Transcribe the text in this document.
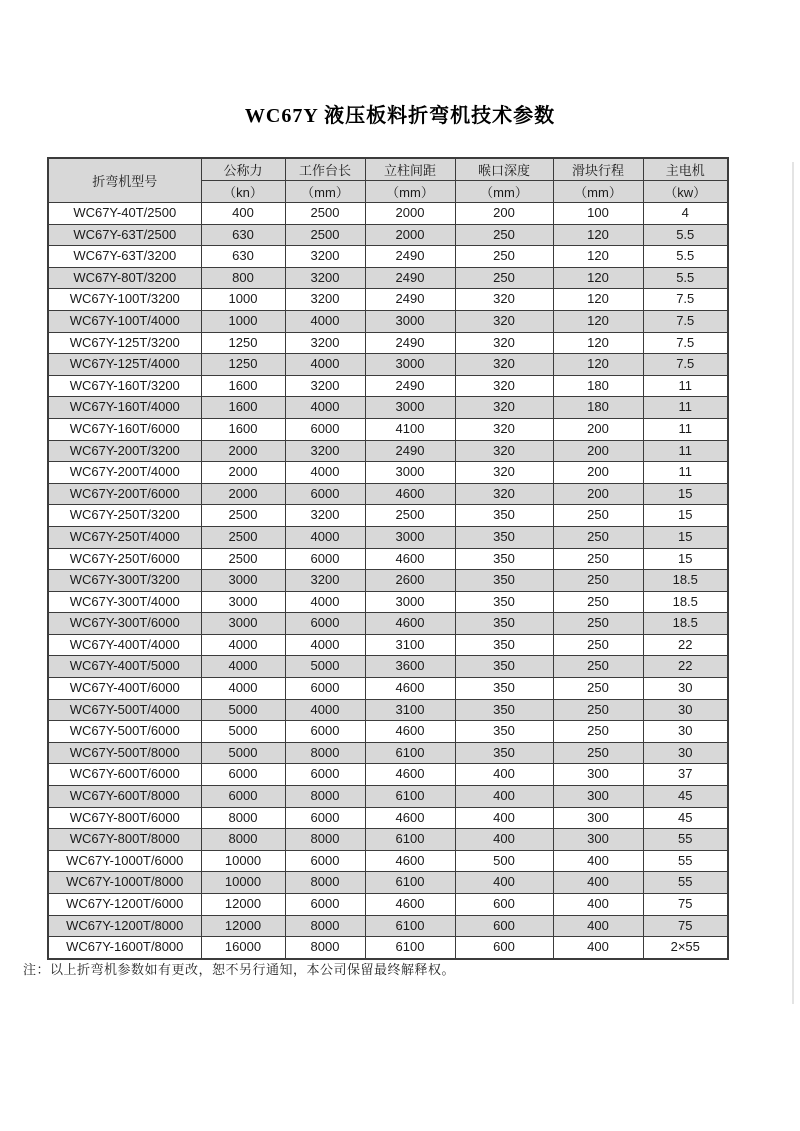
WC67Y 液压板料折弯机技术参数
折弯机型号	公称力	工作台长	立柱间距	喉口深度	滑块行程	主电机
	（kn）	（mm）	（mm）	（mm）	（mm）	（kw）
WC67Y-40T/2500	400	2500	2000	200	100	4
WC67Y-63T/2500	630	2500	2000	250	120	5.5
WC67Y-63T/3200	630	3200	2490	250	120	5.5
WC67Y-80T/3200	800	3200	2490	250	120	5.5
WC67Y-100T/3200	1000	3200	2490	320	120	7.5
WC67Y-100T/4000	1000	4000	3000	320	120	7.5
WC67Y-125T/3200	1250	3200	2490	320	120	7.5
WC67Y-125T/4000	1250	4000	3000	320	120	7.5
WC67Y-160T/3200	1600	3200	2490	320	180	11
WC67Y-160T/4000	1600	4000	3000	320	180	11
WC67Y-160T/6000	1600	6000	4100	320	200	11
WC67Y-200T/3200	2000	3200	2490	320	200	11
WC67Y-200T/4000	2000	4000	3000	320	200	11
WC67Y-200T/6000	2000	6000	4600	320	200	15
WC67Y-250T/3200	2500	3200	2500	350	250	15
WC67Y-250T/4000	2500	4000	3000	350	250	15
WC67Y-250T/6000	2500	6000	4600	350	250	15
WC67Y-300T/3200	3000	3200	2600	350	250	18.5
WC67Y-300T/4000	3000	4000	3000	350	250	18.5
WC67Y-300T/6000	3000	6000	4600	350	250	18.5
WC67Y-400T/4000	4000	4000	3100	350	250	22
WC67Y-400T/5000	4000	5000	3600	350	250	22
WC67Y-400T/6000	4000	6000	4600	350	250	30
WC67Y-500T/4000	5000	4000	3100	350	250	30
WC67Y-500T/6000	5000	6000	4600	350	250	30
WC67Y-500T/8000	5000	8000	6100	350	250	30
WC67Y-600T/6000	6000	6000	4600	400	300	37
WC67Y-600T/8000	6000	8000	6100	400	300	45
WC67Y-800T/6000	8000	6000	4600	400	300	45
WC67Y-800T/8000	8000	8000	6100	400	300	55
WC67Y-1000T/6000	10000	6000	4600	500	400	55
WC67Y-1000T/8000	10000	8000	6100	400	400	55
WC67Y-1200T/6000	12000	6000	4600	600	400	75
WC67Y-1200T/8000	12000	8000	6100	600	400	75
WC67Y-1600T/8000	16000	8000	6100	600	400	2×55
注：以上折弯机参数如有更改，恕不另行通知，本公司保留最终解释权。
